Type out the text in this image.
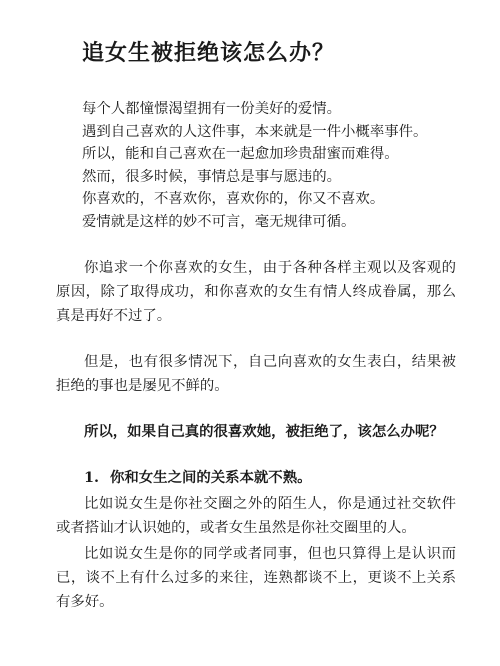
追女生被拒绝该怎么办？
每个人都憧憬渴望拥有一份美好的爱情。
遇到自己喜欢的人这件事，本来就是一件小概率事件。
所以，能和自己喜欢在一起愈加珍贵甜蜜而难得。
然而，很多时候，事情总是事与愿违的。
你喜欢的，不喜欢你，喜欢你的，你又不喜欢。
爱情就是这样的妙不可言，毫无规律可循。
你追求一个你喜欢的女生，由于各种各样主观以及客观的原因，除了取得成功，和你喜欢的女生有情人终成眷属，那么真是再好不过了。
但是，也有很多情况下，自己向喜欢的女生表白，结果被拒绝的事也是屡见不鲜的。
所以，如果自己真的很喜欢她，被拒绝了，该怎么办呢？
1. 你和女生之间的关系本就不熟。
比如说女生是你社交圈之外的陌生人，你是通过社交软件或者搭讪才认识她的，或者女生虽然是你社交圈里的人。
比如说女生是你的同学或者同事，但也只算得上是认识而已，谈不上有什么过多的来往，连熟都谈不上，更谈不上关系有多好。
